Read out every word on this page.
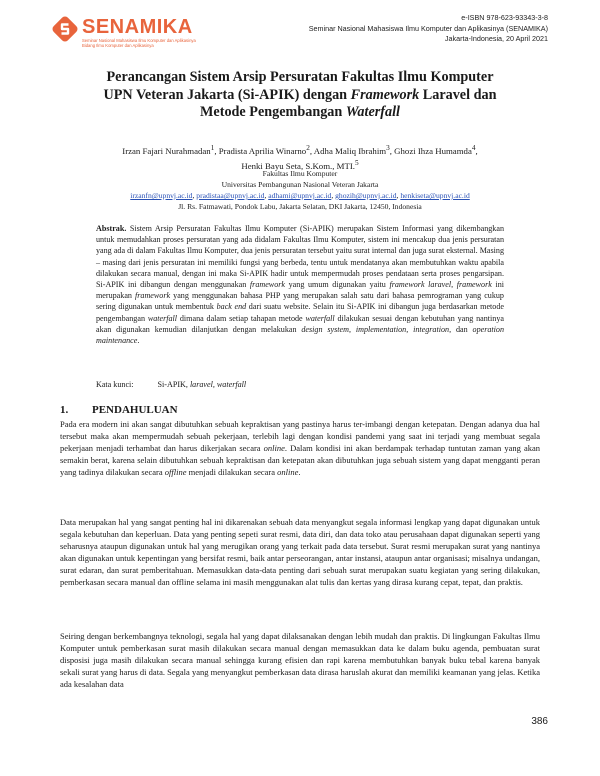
SENAMIKA
Seminar Nasional Mahasiswa Ilmu Komputer dan Aplikasinya
Bidang Ilmu Komputer dan Aplikasinya
e-ISBN 978-623-93343-3-8
Seminar Nasional Mahasiswa Ilmu Komputer dan Aplikasinya (SENAMIKA)
Jakarta-Indonesia, 20 April 2021
Perancangan Sistem Arsip Persuratan Fakultas Ilmu Komputer
UPN Veteran Jakarta (Si-APIK) dengan Framework Laravel dan
Metode Pengembangan Waterfall
Irzan Fajari Nurahmadan$^1$, Pradista Aprilia Winarno$^2$, Adha Maliq Ibrahim$^3$, Ghozi Ihza Humamda$^4$,
Henki Bayu Seta, S.Kom., MTI.$^5$
Fakultas Ilmu Komputer
Universitas Pembangunan Nasional Veteran Jakarta
irzanfn@upnvj.ac.id, pradistaa@upnvj.ac.id, adhami@upnvj.ac.id, ghozih@upnvj.ac.id, henkiseta@upnvj.ac.id
Jl. Rs. Fatmawati, Pondok Labu, Jakarta Selatan, DKI Jakarta, 12450, Indonesia
Abstrak. Sistem Arsip Persuratan Fakultas Ilmu Komputer (Si-APIK) merupakan Sistem Informasi yang dikembangkan untuk memudahkan proses persuratan yang ada didalam Fakultas Ilmu Komputer, sistem ini mencakup dua jenis persuratan yang ada di dalam Fakultas Ilmu Komputer, dua jenis persuratan tersebut yaitu surat internal dan juga surat eksternal. Masing – masing dari jenis persuratan ini memiliki fungsi yang berbeda, tentu untuk mendatanya akan membutuhkan waktu apabila dilakukan secara manual, dengan ini maka Si-APIK hadir untuk mempermudah proses pendataan serta proses pengarsipan. Si-APIK ini dibangun dengan menggunakan framework yang umum digunakan yaitu framework laravel, framework ini merupakan framework yang menggunakan bahasa PHP yang merupakan salah satu dari bahasa pemrograman yang cukup sering digunakan untuk membentuk back end dari suatu website. Selain itu Si-APIK ini dibangun juga berdasarkan metode pengembangan waterfall dimana dalam setiap tahapan metode waterfall dilakukan sesuai dengan kebutuhan yang nantinya akan digunakan kemudian dilanjutkan dengan melakukan design system, implementation, integration, dan operation maintenance.
Kata kunci:	Si-APIK, laravel, waterfall
1. PENDAHULUAN
Pada era modern ini akan sangat dibutuhkan sebuah kepraktisan yang pastinya harus ter-imbangi dengan ketepatan. Dengan adanya dua hal tersebut maka akan mempermudah sebuah pekerjaan, terlebih lagi dengan kondisi pandemi yang saat ini terjadi yang membuat segala pekerjaan menjadi terhambat dan harus dikerjakan secara online. Dalam kondisi ini akan berdampak terhadap tuntutan zaman yang akan semakin berat, karena selain dibutuhkan sebuah kepraktisan dan ketepatan akan dibutuhkan juga sebuah sistem yang dapat mengganti peran yang tadinya dilakukan secara offline menjadi dilakukan secara online.
Data merupakan hal yang sangat penting hal ini dikarenakan sebuah data menyangkut segala informasi lengkap yang dapat digunakan untuk segala kebutuhan dan keperluan. Data yang penting sepeti surat resmi, data diri, dan data toko atau perusahaan dapat digunakan seperti yang seharusnya ataupun digunakan untuk hal yang merugikan orang yang terkait pada data tersebut. Surat resmi merupakan surat yang nantinya akan digunakan untuk kepentingan yang bersifat resmi, baik antar perseorangan, antar instansi, ataupun antar organisasi; misalnya undangan, surat edaran, dan surat pemberitahuan. Memasukkan data-data penting dari sebuah surat merupakan suatu kegiatan yang sering dilakukan, pemberkasan secara manual dan offline selama ini masih menggunakan alat tulis dan kertas yang dirasa kurang cepat, tepat, dan praktis.
Seiring dengan berkembangnya teknologi, segala hal yang dapat dilaksanakan dengan lebih mudah dan praktis. Di lingkungan Fakultas Ilmu Komputer untuk pemberkasan surat masih dilakukan secara manual dengan memasukkan data ke dalam buku agenda, pembuatan surat disposisi juga masih dilakukan secara manual sehingga kurang efisien dan rapi karena membutuhkan banyak buku tebal karena banyak sekali surat yang harus di data. Segala yang menyangkut pemberkasan data dirasa haruslah akurat dan memiliki keamanan yang jelas. Ketika ada kesalahan data
386
